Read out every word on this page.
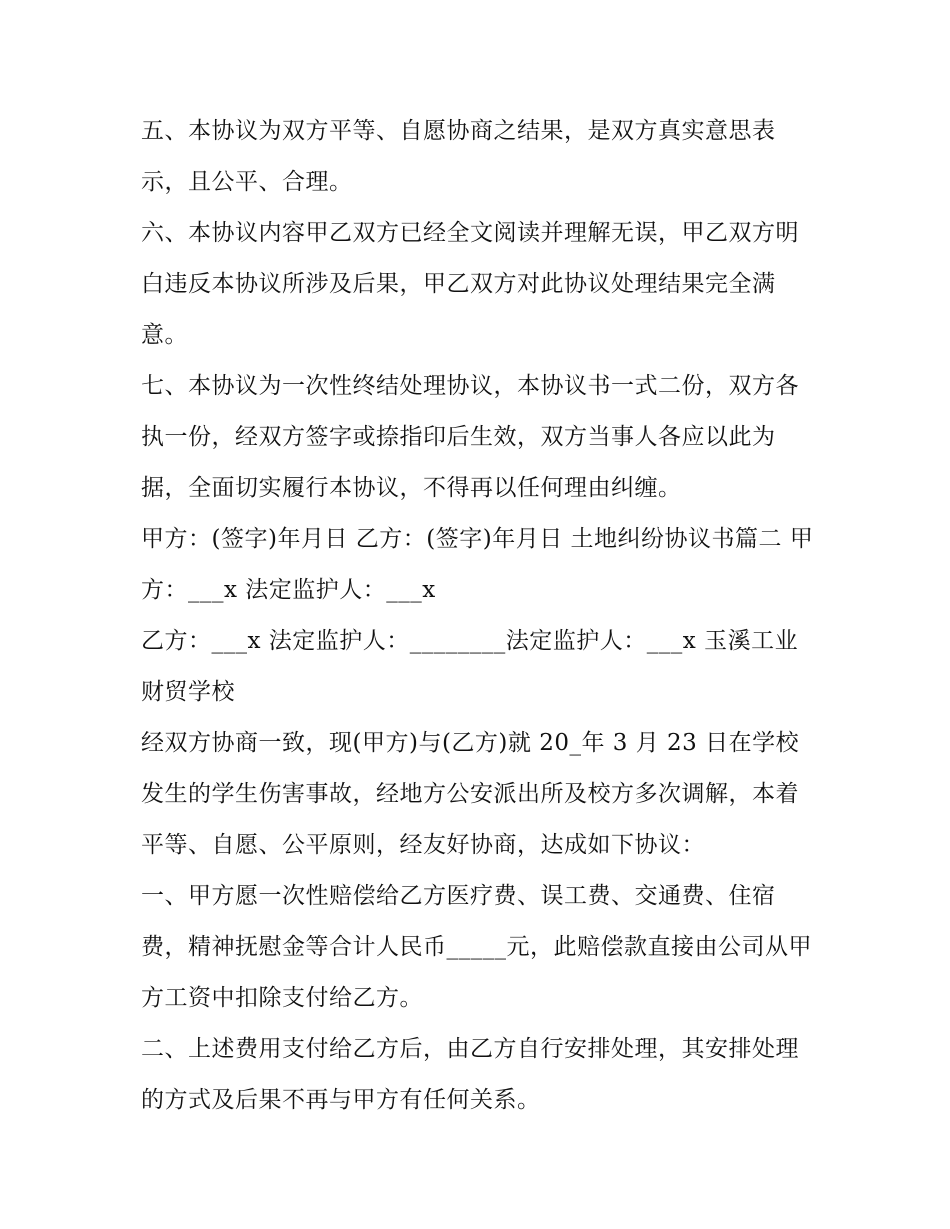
五、本协议为双方平等、自愿协商之结果，是双方真实意思表示，且公平、合理。

六、本协议内容甲乙双方已经全文阅读并理解无误，甲乙双方明白违反本协议所涉及后果，甲乙双方对此协议处理结果完全满意。

七、本协议为一次性终结处理协议，本协议书一式二份，双方各执一份，经双方签字或捺指印后生效，双方当事人各应以此为据，全面切实履行本协议，不得再以任何理由纠缠。

甲方：(签字)年月日 乙方：(签字)年月日 土地纠纷协议书篇二 甲方：___x 法定监护人：___x

乙方：___x 法定监护人：________法定监护人：___x 玉溪工业财贸学校

经双方协商一致，现(甲方)与(乙方)就 20_年 3 月 23 日在学校发生的学生伤害事故，经地方公安派出所及校方多次调解，本着平等、自愿、公平原则，经友好协商，达成如下协议：

一、甲方愿一次性赔偿给乙方医疗费、误工费、交通费、住宿费，精神抚慰金等合计人民币_____元，此赔偿款直接由公司从甲方工资中扣除支付给乙方。

二、上述费用支付给乙方后，由乙方自行安排处理，其安排处理的方式及后果不再与甲方有任何关系。
